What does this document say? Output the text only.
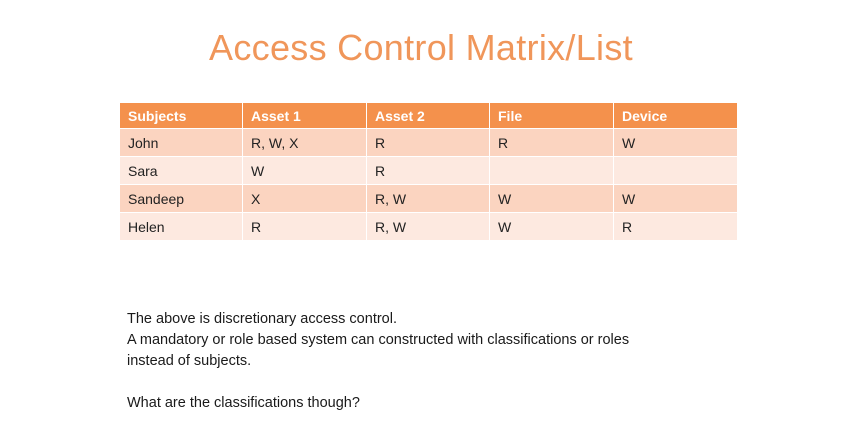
Access Control Matrix/List
Subjects	Asset 1	Asset 2	File	Device
John	R, W, X	R	R	W
Sara	W	R		
Sandeep	X	R, W	W	W
Helen	R	R, W	W	R

The above is discretionary access control.

A mandatory or role based system can constructed with classifications or roles

instead of subjects.

What are the classifications though?
